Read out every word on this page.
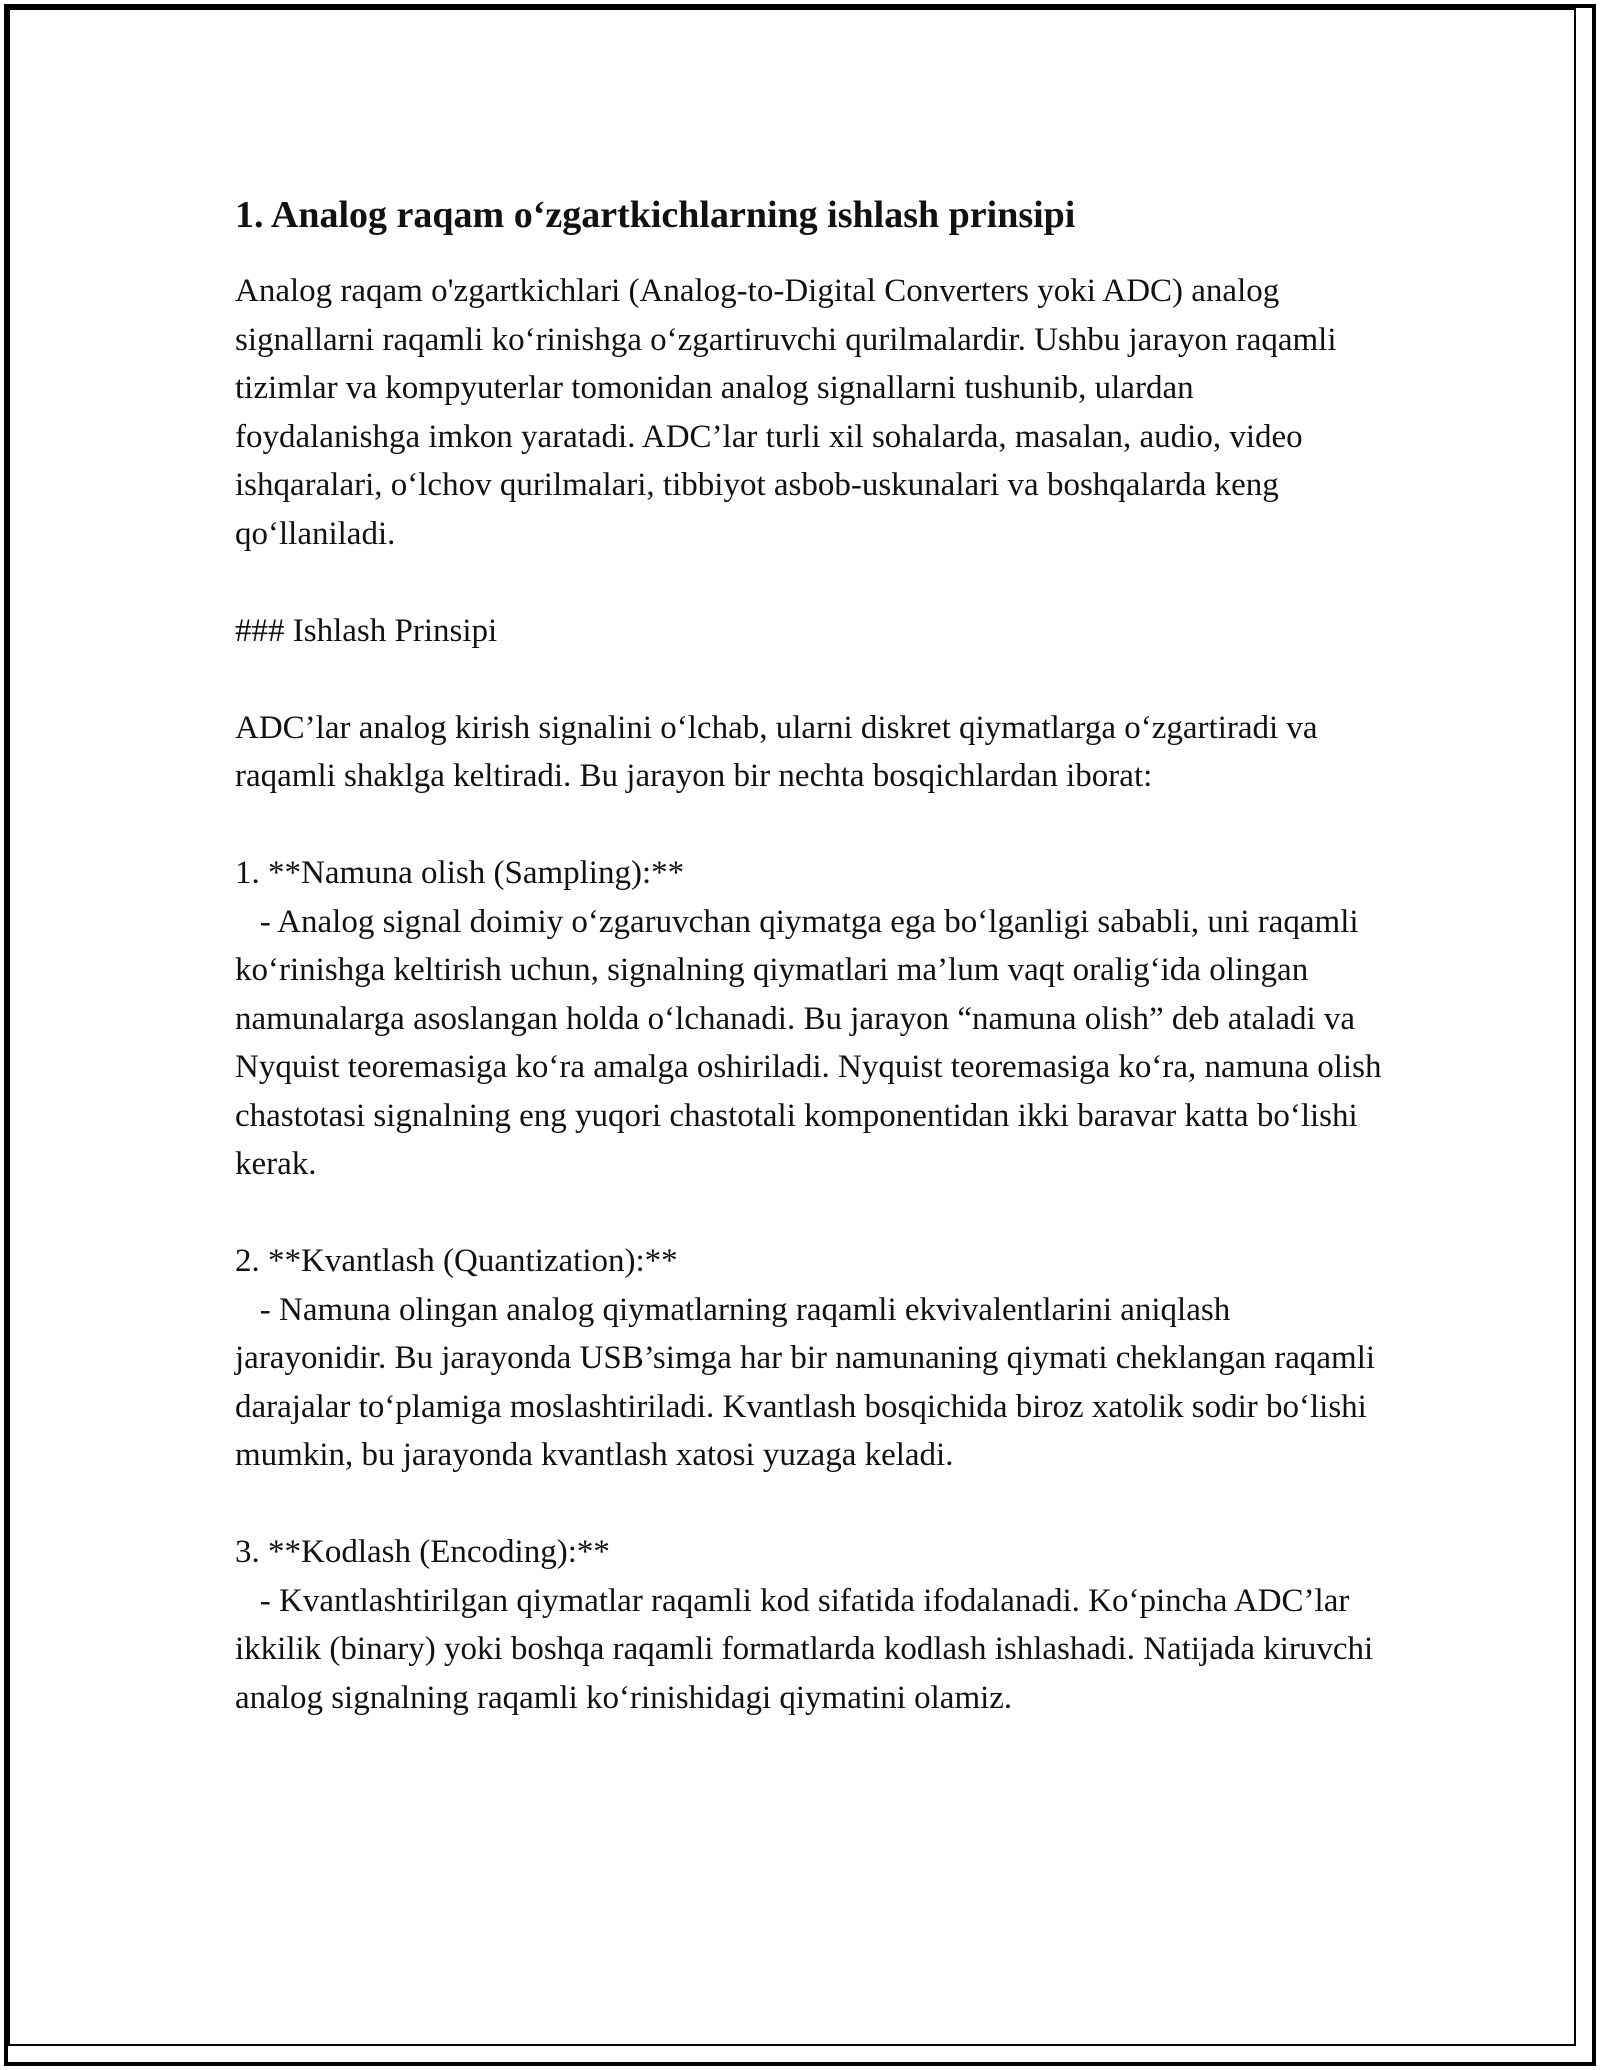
1. Analog raqam o‘zgartkichlarning ishlash prinsipi

Analog raqam o'zgartkichlari (Analog-to-Digital Converters yoki ADC) analog signallarni raqamli ko‘rinishga o‘zgartiruvchi qurilmalardir. Ushbu jarayon raqamli tizimlar va kompyuterlar tomonidan analog signallarni tushunib, ulardan foydalanishga imkon yaratadi. ADC’lar turli xil sohalarda, masalan, audio, video ishqaralari, o‘lchov qurilmalari, tibbiyot asbob-uskunalari va boshqalarda keng qo‘llaniladi.

### Ishlash Prinsipi

ADC’lar analog kirish signalini o‘lchab, ularni diskret qiymatlarga o‘zgartiradi va raqamli shaklga keltiradi. Bu jarayon bir nechta bosqichlardan iborat:

1. **Namuna olish (Sampling):**

- Analog signal doimiy o‘zgaruvchan qiymatga ega bo‘lganligi sababli, uni raqamli ko‘rinishga keltirish uchun, signalning qiymatlari ma’lum vaqt oralig‘ida olingan namunalarga asoslangan holda o‘lchanadi. Bu jarayon “namuna olish” deb ataladi va Nyquist teoremasiga ko‘ra amalga oshiriladi. Nyquist teoremasiga ko‘ra, namuna olish chastotasi signalning eng yuqori chastotali komponentidan ikki baravar katta bo‘lishi kerak.

2. **Kvantlash (Quantization):**

- Namuna olingan analog qiymatlarning raqamli ekvivalentlarini aniqlash jarayonidir. Bu jarayonda USB’simga har bir namunaning qiymati cheklangan raqamli darajalar to‘plamiga moslashtiriladi. Kvantlash bosqichida biroz xatolik sodir bo‘lishi mumkin, bu jarayonda kvantlash xatosi yuzaga keladi.

3. **Kodlash (Encoding):**

- Kvantlashtirilgan qiymatlar raqamli kod sifatida ifodalanadi. Ko‘pincha ADC’lar ikkilik (binary) yoki boshqa raqamli formatlarda kodlash ishlashadi. Natijada kiruvchi analog signalning raqamli ko‘rinishidagi qiymatini olamiz.
